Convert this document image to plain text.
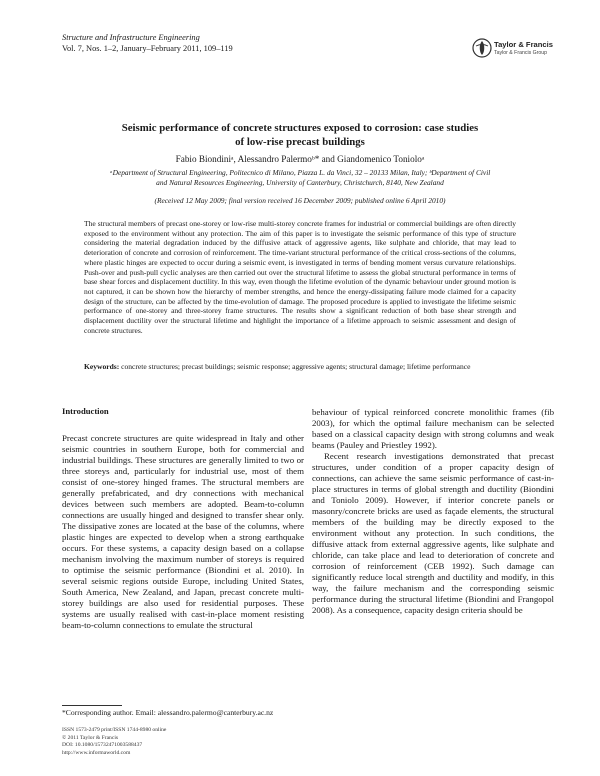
Structure and Infrastructure Engineering
Vol. 7, Nos. 1–2, January–February 2011, 109–119	Taylor & Francis
Taylor & Francis Group
Seismic performance of concrete structures exposed to corrosion: case studies
of low-rise precast buildings
Fabio Biondiniᵃ, Alessandro Palermoᵇ* and Giandomenico Tonioloᵃ
ᵃDepartment of Structural Engineering, Politecnico di Milano, Piazza L. da Vinci, 32 – 20133 Milan, Italy; ᵇDepartment of Civil
and Natural Resources Engineering, University of Canterbury, Christchurch, 8140, New Zealand
(Received 12 May 2009; final version received 16 December 2009; published online 6 April 2010)
The structural members of precast one-storey or low-rise multi-storey concrete frames for industrial or commercial buildings are often directly exposed to the environment without any protection. The aim of this paper is to investigate the seismic performance of this type of structure considering the material degradation induced by the diffusive attack of aggressive agents, like sulphate and chloride, that may lead to deterioration of concrete and corrosion of reinforcement. The time-variant structural performance of the critical cross-sections of the columns, where plastic hinges are expected to occur during a seismic event, is investigated in terms of bending moment versus curvature relationships. Push-over and push-pull cyclic analyses are then carried out over the structural lifetime to assess the global structural performance in terms of base shear forces and displacement ductility. In this way, even though the lifetime evolution of the dynamic behaviour under ground motion is not captured, it can be shown how the hierarchy of member strengths, and hence the energy-dissipating failure mode claimed for a capacity design of the structure, can be affected by the time-evolution of damage. The proposed procedure is applied to investigate the lifetime seismic performance of one-storey and three-storey frame structures. The results show a significant reduction of both base shear strength and displacement ductility over the structural lifetime and highlight the importance of a lifetime approach to seismic assessment and design of concrete structures.
Keywords: concrete structures; precast buildings; seismic response; aggressive agents; structural damage; lifetime performance
Introduction

Precast concrete structures are quite widespread in Italy and other seismic countries in southern Europe, both for commercial and industrial buildings. These structures are generally limited to two or three storeys and, particularly for industrial use, most of them consist of one-storey hinged frames. The structural members are generally prefabricated, and dry connections with mechanical devices between such members are adopted. Beam-to-column connections are usually hinged and designed to transfer shear only. The dissipative zones are located at the base of the columns, where plastic hinges are expected to develop when a strong earthquake occurs. For these systems, a capacity design based on a collapse mechanism involving the maximum number of storeys is required to optimise the seismic performance (Biondini et al. 2010). In several seismic regions outside Europe, including United States, South America, New Zealand, and Japan, precast concrete multi-storey buildings are also used for residential purposes. These systems are usually realised with cast-in-place moment resisting beam-to-column connections to emulate the structural

behaviour of typical reinforced concrete monolithic frames (fib 2003), for which the optimal failure mechanism can be selected based on a classical capacity design with strong columns and weak beams (Pauley and Priestley 1992).

Recent research investigations demonstrated that precast structures, under condition of a proper capacity design of connections, can achieve the same seismic performance of cast-in-place structures in terms of global strength and ductility (Biondini and Toniolo 2009). However, if interior concrete panels or masonry/concrete bricks are used as façade elements, the structural members of the building may be directly exposed to the environment without any protection. In such conditions, the diffusive attack from external aggressive agents, like sulphate and chloride, can take place and lead to deterioration of concrete and corrosion of reinforcement (CEB 1992). Such damage can significantly reduce local strength and ductility and modify, in this way, the failure mechanism and the corresponding seismic performance during the structural lifetime (Biondini and Frangopol 2008). As a consequence, capacity design criteria should be

*Corresponding author. Email: alessandro.palermo@canterbury.ac.nz
ISSN 1573-2479 print/ISSN 1744-8980 online
© 2011 Taylor & Francis
DOI: 10.1080/15732471003588437
http://www.informaworld.com
